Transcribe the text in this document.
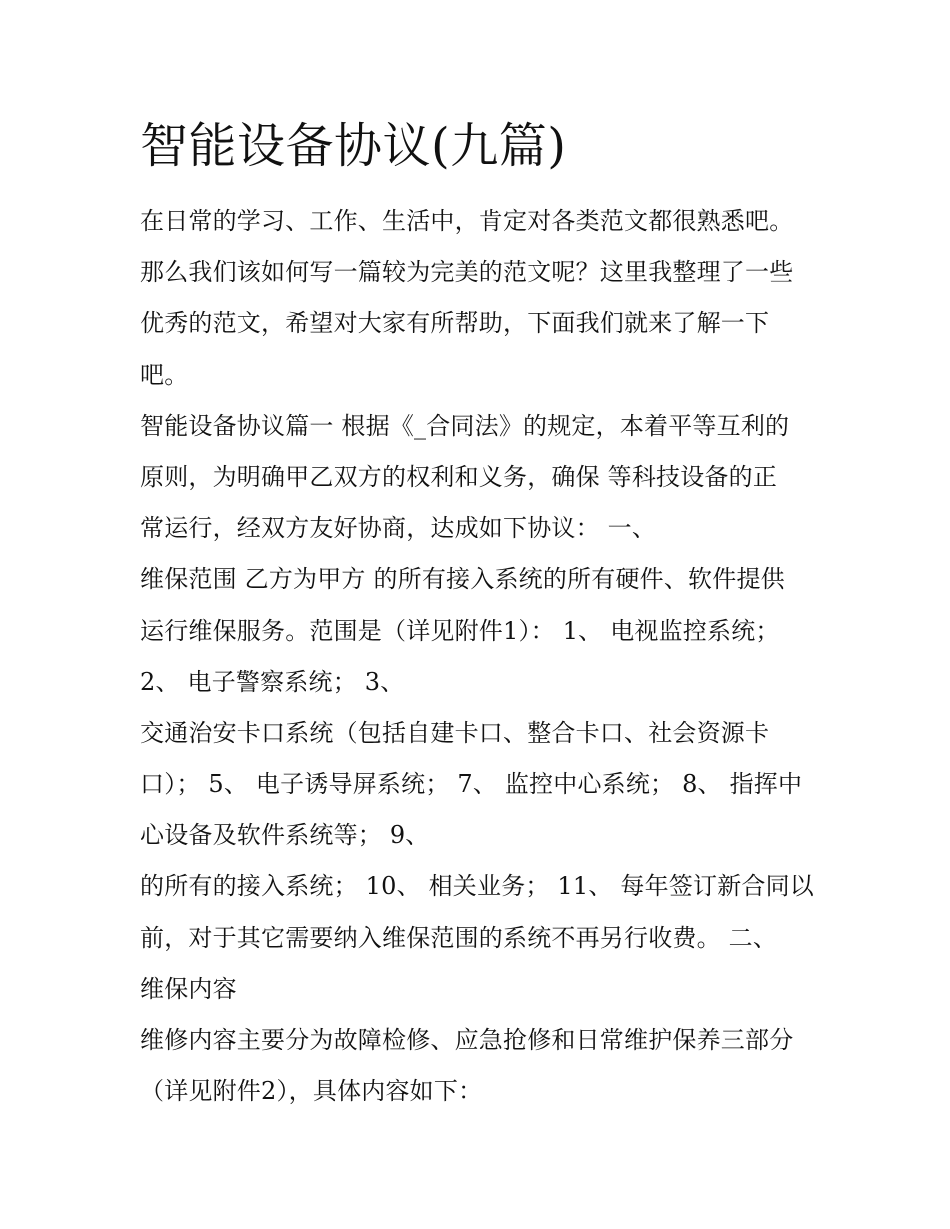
智能设备协议(九篇)
在日常的学习、工作、生活中，肯定对各类范文都很熟悉吧。
那么我们该如何写一篇较为完美的范文呢？这里我整理了一些
优秀的范文，希望对大家有所帮助，下面我们就来了解一下
吧。
智能设备协议篇一 根据《_合同法》的规定，本着平等互利的
原则，为明确甲乙双方的权利和义务，确保 等科技设备的正
常运行，经双方友好协商，达成如下协议： 一、
维保范围 乙方为甲方 的所有接入系统的所有硬件、软件提供
运行维保服务。范围是（详见附件1）： 1、 电视监控系统；
2、 电子警察系统； 3、
交通治安卡口系统（包括自建卡口、整合卡口、社会资源卡
口）； 5、 电子诱导屏系统； 7、 监控中心系统； 8、 指挥中
心设备及软件系统等； 9、
的所有的接入系统； 10、 相关业务； 11、 每年签订新合同以
前，对于其它需要纳入维保范围的系统不再另行收费。 二、
维保内容
维修内容主要分为故障检修、应急抢修和日常维护保养三部分
（详见附件2），具体内容如下：
